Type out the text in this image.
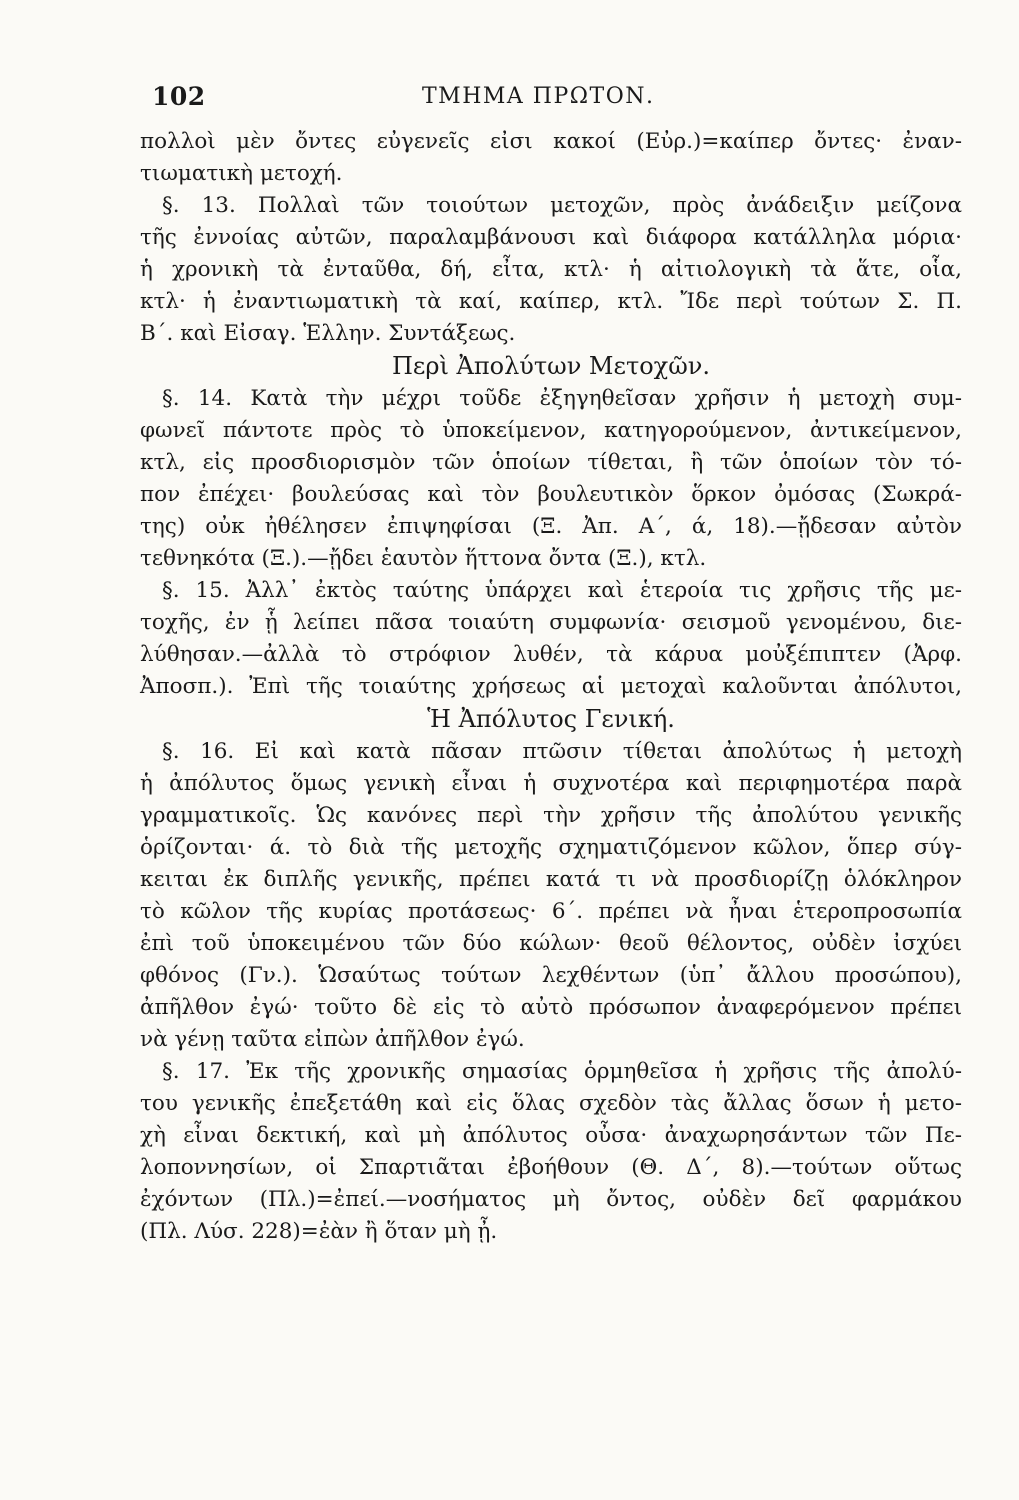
102	ΤΜΗΜΑ ΠΡΩΤΟΝ.
πολλοὶ μὲν ὄντες εὐγενεῖς εἰσι κακοί (Εὐρ.)=καίπερ ὄντες· ἐναν-
τιωματικὴ μετοχή.
§. 13. Πολλαὶ τῶν τοιούτων μετοχῶν, πρὸς ἀνάδειξιν μείζονα
τῆς ἐννοίας αὐτῶν, παραλαμβάνουσι καὶ διάφορα κατάλληλα μόρια·
ἡ χρονικὴ τὰ ἐνταῦθα, δή, εἶτα, κτλ· ἡ αἰτιολογικὴ τὰ ἅτε, οἷα,
κτλ· ἡ ἐναντιωματικὴ τὰ καί, καίπερ, κτλ. Ἴδε περὶ τούτων Σ. Π.
Β΄. καὶ Εἰσαγ. Ἑλλην. Συντάξεως.
Περὶ Ἀπολύτων Μετοχῶν.
§. 14. Κατὰ τὴν μέχρι τοῦδε ἐξηγηθεῖσαν χρῆσιν ἡ μετοχὴ συμ-
φωνεῖ πάντοτε πρὸς τὸ ὑποκείμενον, κατηγορούμενον, ἀντικείμενον,
κτλ, εἰς προσδιορισμὸν τῶν ὁποίων τίθεται, ἢ τῶν ὁποίων τὸν τό-
πον ἐπέχει· βουλεύσας καὶ τὸν βουλευτικὸν ὅρκον ὀμόσας (Σωκρά-
της) οὐκ ἠθέλησεν ἐπιψηφίσαι (Ξ. Ἀπ. Α΄, ά, 18).—ᾔδεσαν αὐτὸν
τεθνηκότα (Ξ.).—ᾔδει ἑαυτὸν ἥττονα ὄντα (Ξ.), κτλ.
§. 15. Ἀλλ᾽ ἐκτὸς ταύτης ὑπάρχει καὶ ἑτεροία τις χρῆσις τῆς με-
τοχῆς, ἐν ᾗ λείπει πᾶσα τοιαύτη συμφωνία· σεισμοῦ γενομένου, διε-
λύθησαν.—ἀλλὰ τὸ στρόφιον λυθέν, τὰ κάρυα μοὐξέπιπτεν (Ἀρφ.
Ἀποσπ.). Ἐπὶ τῆς τοιαύτης χρήσεως αἱ μετοχαὶ καλοῦνται ἀπόλυτοι,
Ἡ Ἀπόλυτος Γενική.
§. 16. Εἰ καὶ κατὰ πᾶσαν πτῶσιν τίθεται ἀπολύτως ἡ μετοχὴ
ἡ ἀπόλυτος ὅμως γενικὴ εἶναι ἡ συχνοτέρα καὶ περιφημοτέρα παρὰ
γραμματικοῖς. Ὡς κανόνες περὶ τὴν χρῆσιν τῆς ἀπολύτου γενικῆς
ὁρίζονται· ά. τὸ διὰ τῆς μετοχῆς σχηματιζόμενον κῶλον, ὅπερ σύγ-
κειται ἐκ διπλῆς γενικῆς, πρέπει κατά τι νὰ προσδιορίζῃ ὁλόκληρον
τὸ κῶλον τῆς κυρίας προτάσεως· 6΄. πρέπει νὰ ἦναι ἑτεροπροσωπία
ἐπὶ τοῦ ὑποκειμένου τῶν δύο κώλων· θεοῦ θέλοντος, οὐδὲν ἰσχύει
φθόνος (Γν.). Ὡσαύτως τούτων λεχθέντων (ὑπ᾽ ἄλλου προσώπου),
ἀπῆλθον ἐγώ· τοῦτο δὲ εἰς τὸ αὐτὸ πρόσωπον ἀναφερόμενον πρέπει
νὰ γένῃ ταῦτα εἰπὼν ἀπῆλθον ἐγώ.
§. 17. Ἐκ τῆς χρονικῆς σημασίας ὁρμηθεῖσα ἡ χρῆσις τῆς ἀπολύ-
του γενικῆς ἐπεξετάθη καὶ εἰς ὅλας σχεδὸν τὰς ἄλλας ὅσων ἡ μετο-
χὴ εἶναι δεκτική, καὶ μὴ ἀπόλυτος οὖσα· ἀναχωρησάντων τῶν Πε-
λοποννησίων, οἱ Σπαρτιᾶται ἐβοήθουν (Θ. Δ΄, 8).—τούτων οὕτως
ἐχόντων (Πλ.)=ἐπεί.—νοσήματος μὴ ὄντος, οὐδὲν δεῖ φαρμάκου
(Πλ. Λύσ. 228)=ἐὰν ἢ ὅταν μὴ ᾖ.
